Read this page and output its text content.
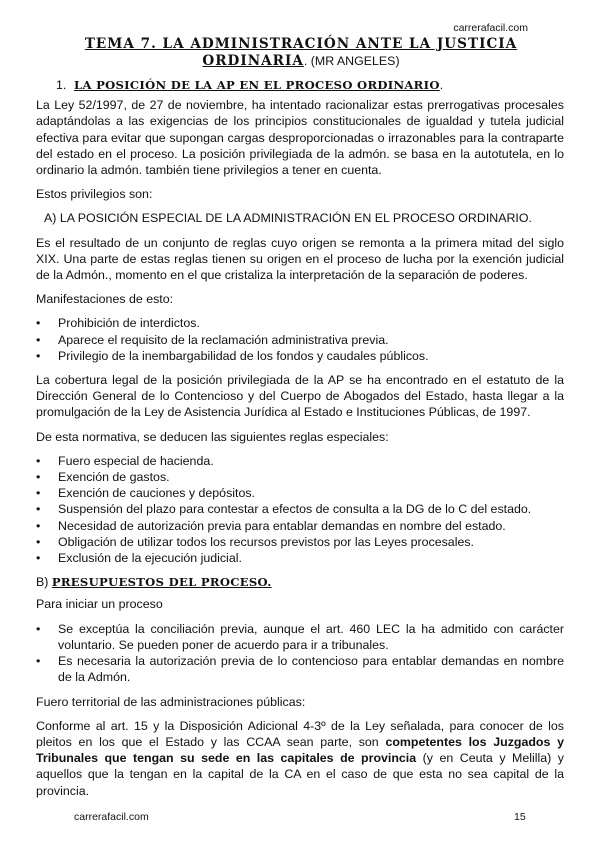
carrerafacil.com
TEMA 7. LA ADMINISTRACIÓN ANTE LA JUSTICIA
ORDINARIA. (MR ANGELES)
1. LA POSICIÓN DE LA AP EN EL PROCESO ORDINARIO.

La Ley 52/1997, de 27 de noviembre, ha intentado racionalizar estas prerrogativas procesales adaptándolas a las exigencias de los principios constitucionales de igualdad y tutela judicial efectiva para evitar que supongan cargas desproporcionadas o irrazonables para la contraparte del estado en el proceso. La posición privilegiada de la admón. se basa en la autotutela, en lo ordinario la admón. también tiene privilegios a tener en cuenta.

Estos privilegios son:

A) LA POSICIÓN ESPECIAL DE LA ADMINISTRACIÓN EN EL PROCESO ORDINARIO.

Es el resultado de un conjunto de reglas cuyo origen se remonta a la primera mitad del siglo XIX. Una parte de estas reglas tienen su origen en el proceso de lucha por la exención judicial de la Admón., momento en el que cristaliza la interpretación de la separación de poderes.

Manifestaciones de esto:

• Prohibición de interdictos.
• Aparece el requisito de la reclamación administrativa previa.
• Privilegio de la inembargabilidad de los fondos y caudales públicos.

La cobertura legal de la posición privilegiada de la AP se ha encontrado en el estatuto de la Dirección General de lo Contencioso y del Cuerpo de Abogados del Estado, hasta llegar a la promulgación de la Ley de Asistencia Jurídica al Estado e Instituciones Públicas, de 1997.

De esta normativa, se deducen las siguientes reglas especiales:

• Fuero especial de hacienda.
• Exención de gastos.
• Exención de cauciones y depósitos.
• Suspensión del plazo para contestar a efectos de consulta a la DG de lo C del estado.
• Necesidad de autorización previa para entablar demandas en nombre del estado.
• Obligación de utilizar todos los recursos previstos por las Leyes procesales.
• Exclusión de la ejecución judicial.
B) PRESUPUESTOS DEL PROCESO.

Para iniciar un proceso

• Se exceptúa la conciliación previa, aunque el art. 460 LEC la ha admitido con carácter voluntario. Se pueden poner de acuerdo para ir a tribunales.
• Es necesaria la autorización previa de lo contencioso para entablar demandas en nombre de la Admón.

Fuero territorial de las administraciones públicas:

Conforme al art. 15 y la Disposición Adicional 4-3º de la Ley señalada, para conocer de los pleitos en los que el Estado y las CCAA sean parte, son competentes los Juzgados y Tribunales que tengan su sede en las capitales de provincia (y en Ceuta y Melilla) y aquellos que la tengan en la capital de la CA en el caso de que esta no sea capital de la provincia.

carrerafacil.com	15
